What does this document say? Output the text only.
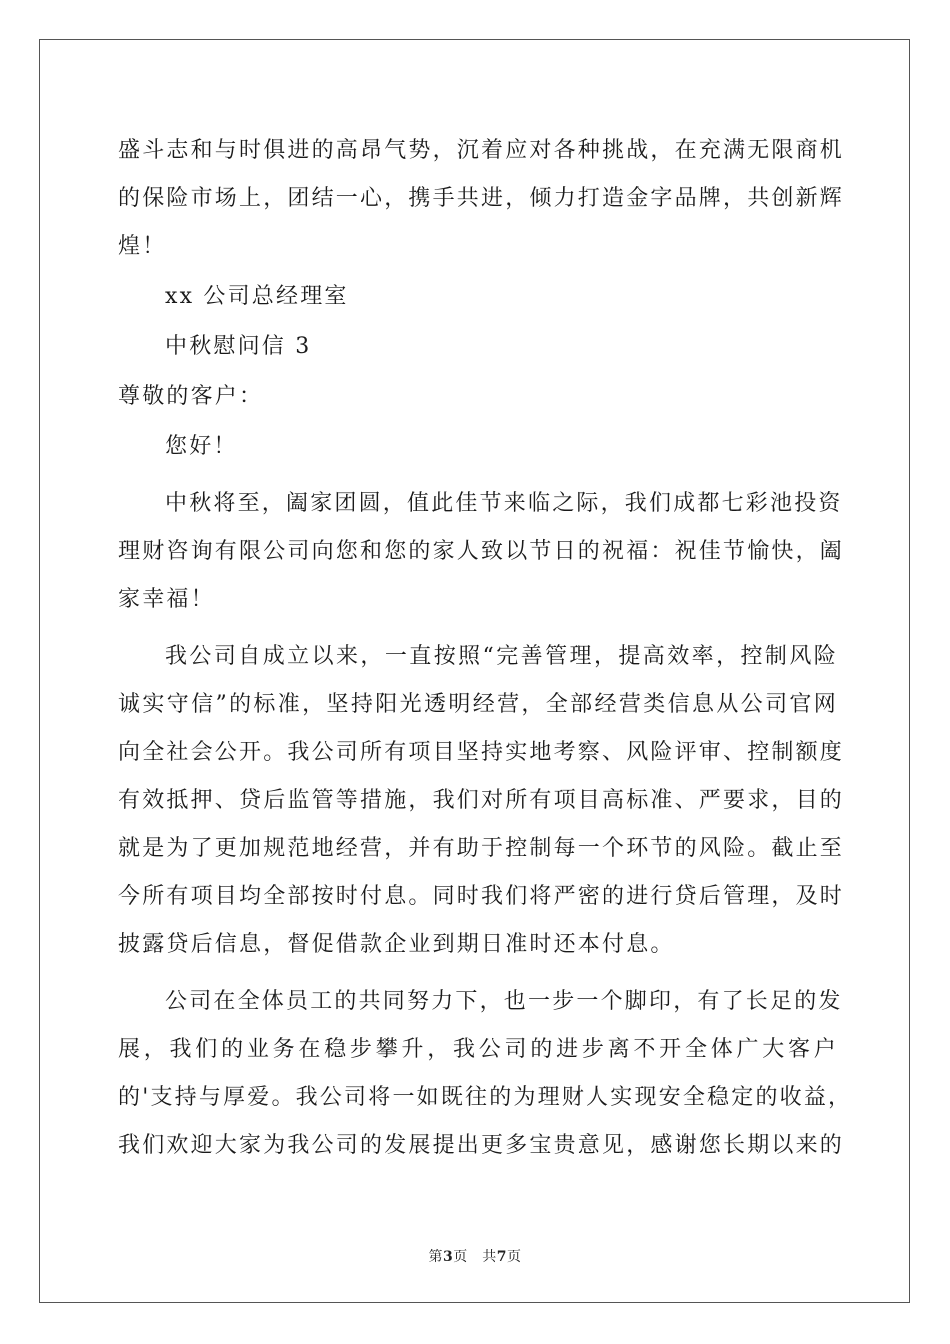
盛斗志和与时俱进的高昂气势，沉着应对各种挑战，在充满无限商机
的保险市场上，团结一心，携手共进，倾力打造金字品牌，共创新辉
煌！
xx 公司总经理室
中秋慰问信 3
尊敬的客户：
您好！
中秋将至，阖家团圆，值此佳节来临之际，我们成都七彩池投资
理财咨询有限公司向您和您的家人致以节日的祝福：祝佳节愉快，阖
家幸福！
我公司自成立以来，一直按照“完善管理，提高效率，控制风险
诚实守信”的标准，坚持阳光透明经营，全部经营类信息从公司官网
向全社会公开。我公司所有项目坚持实地考察、风险评审、控制额度
有效抵押、贷后监管等措施，我们对所有项目高标准、严要求，目的
就是为了更加规范地经营，并有助于控制每一个环节的风险。截止至
今所有项目均全部按时付息。同时我们将严密的进行贷后管理，及时
披露贷后信息，督促借款企业到期日准时还本付息。
公司在全体员工的共同努力下，也一步一个脚印，有了长足的发
展，我们的业务在稳步攀升，我公司的进步离不开全体广大客户
的'支持与厚爱。我公司将一如既往的为理财人实现安全稳定的收益，
我们欢迎大家为我公司的发展提出更多宝贵意见，感谢您长期以来的
第3页　共7页
